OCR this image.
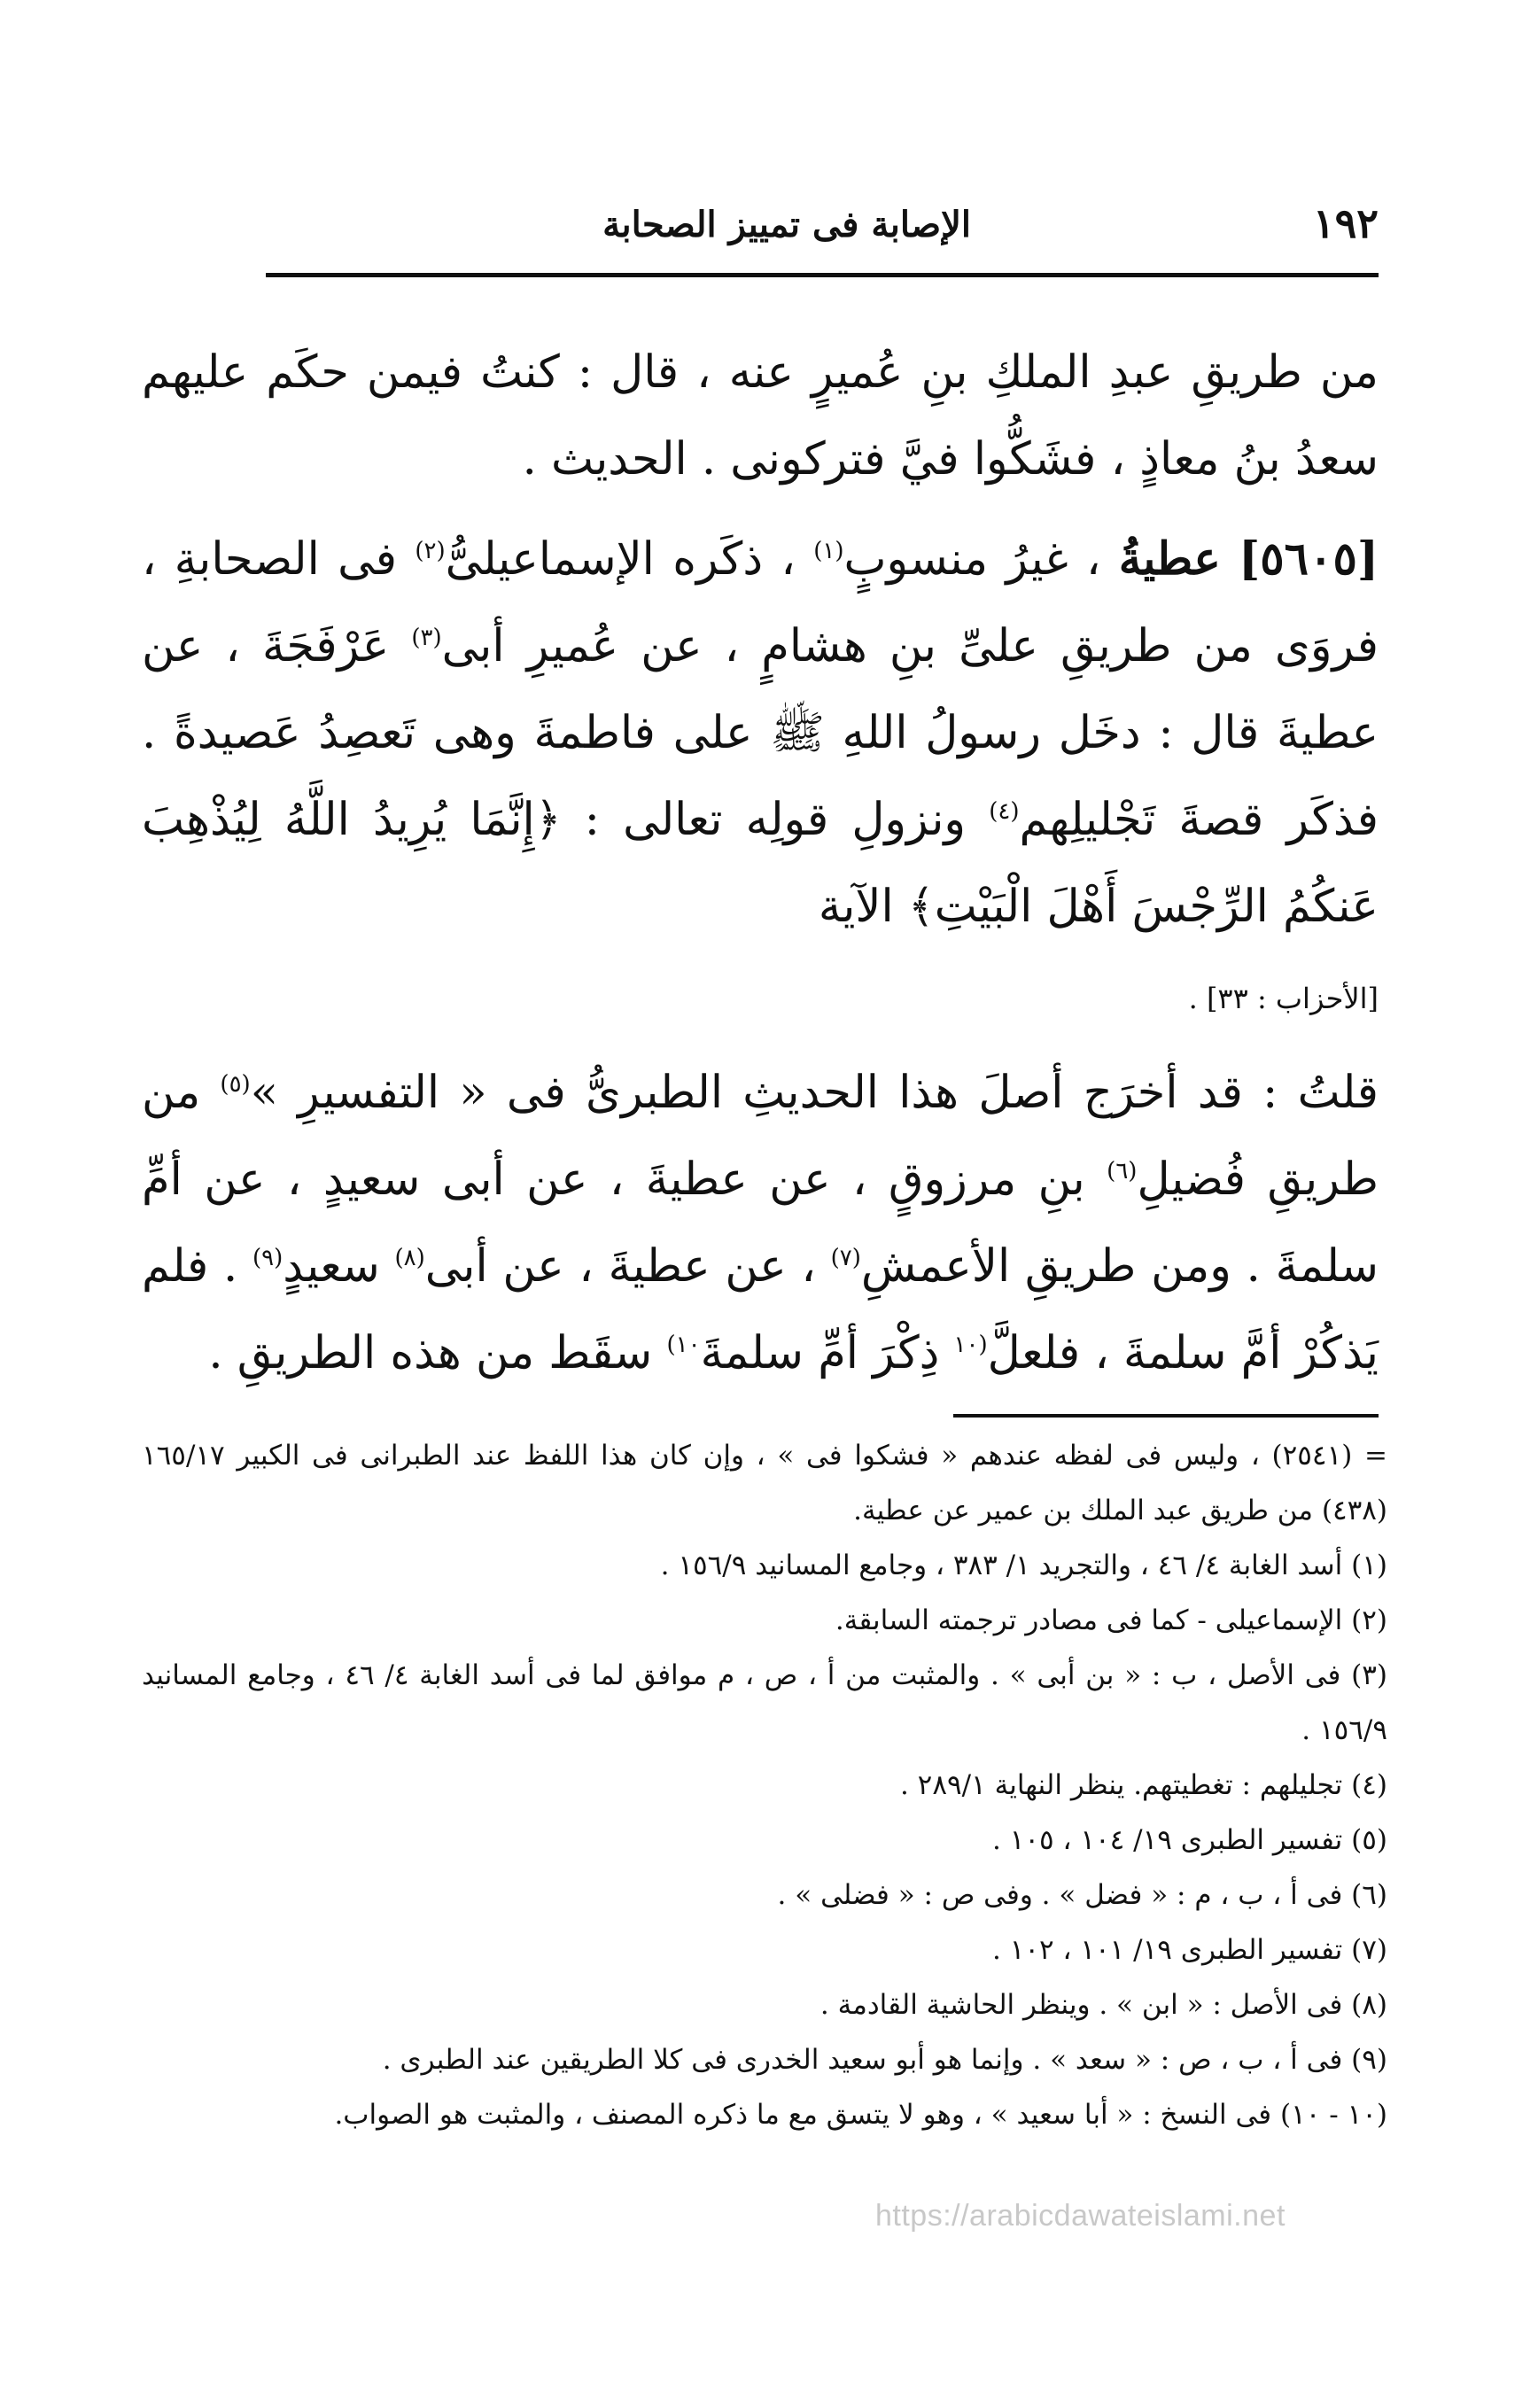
١٩٢
الإصابة فى تمييز الصحابة

من طريقِ عبدِ الملكِ بنِ عُميرٍ عنه ، قال : كنتُ فيمن حكَم عليهم سعدُ بنُ معاذٍ ، فشَكُّوا فيَّ فتركونى . الحديث .

[٥٦٠٥] عطيةُ ، غيرُ منسوبٍ$^{(١)}$ ، ذكَره الإسماعيلىُّ$^{(٢)}$ فى الصحابةِ ، فروَى من طريقِ علىِّ بنِ هشامٍ ، عن عُميرِ أبى$^{(٣)}$ عَرْفَجَةَ ، عن عطيةَ قال : دخَل رسولُ اللهِ ﷺ على فاطمةَ وهى تَعصِدُ عَصيدةً . فذكَر قصةَ تَجْليلِهم$^{(٤)}$ ونزولِ قولِه تعالى : ﴿إِنَّمَا يُرِيدُ اللَّهُ لِيُذْهِبَ عَنكُمُ الرِّجْسَ أَهْلَ الْبَيْتِ﴾ الآية
[الأحزاب : ٣٣] .

قلتُ : قد أخرَج أصلَ هذا الحديثِ الطبرىُّ فى « التفسيرِ »$^{(٥)}$ من طريقِ فُضيلِ$^{(٦)}$ بنِ مرزوقٍ ، عن عطيةَ ، عن أبى سعيدٍ ، عن أمِّ سلمةَ . ومن طريقِ الأعمشِ$^{(٧)}$ ، عن عطيةَ ، عن أبى$^{(٨)}$ سعيدٍ$^{(٩)}$ . فلم يَذكُرْ أمَّ سلمةَ ، فلعلَّ$^{(١٠}$ ذِكْرَ أمِّ سلمةَ$^{١٠)}$ سقَط من هذه الطريقِ .

= (٢٥٤١) ، وليس فى لفظه عندهم « فشكوا فى » ، وإن كان هذا اللفظ عند الطبرانى فى الكبير ١٦٥/١٧ (٤٣٨) من طريق عبد الملك بن عمير عن عطية.

(١) أسد الغابة ٤/ ٤٦ ، والتجريد ١/ ٣٨٣ ، وجامع المسانيد ١٥٦/٩ .

(٢) الإسماعيلى - كما فى مصادر ترجمته السابقة.

(٣) فى الأصل ، ب : « بن أبى » . والمثبت من أ ، ص ، م موافق لما فى أسد الغابة ٤/ ٤٦ ، وجامع المسانيد ١٥٦/٩ .

(٤) تجليلهم : تغطيتهم. ينظر النهاية ٢٨٩/١ .

(٥) تفسير الطبرى ١٩/ ١٠٤ ، ١٠٥ .

(٦) فى أ ، ب ، م : « فضل » . وفى ص : « فضلى » .

(٧) تفسير الطبرى ١٩/ ١٠١ ، ١٠٢ .

(٨) فى الأصل : « ابن » . وينظر الحاشية القادمة .

(٩) فى أ ، ب ، ص : « سعد » . وإنما هو أبو سعيد الخدرى فى كلا الطريقين عند الطبرى .

(١٠ - ١٠) فى النسخ : « أبا سعيد » ، وهو لا يتسق مع ما ذكره المصنف ، والمثبت هو الصواب.

https://arabicdawateislami.net
